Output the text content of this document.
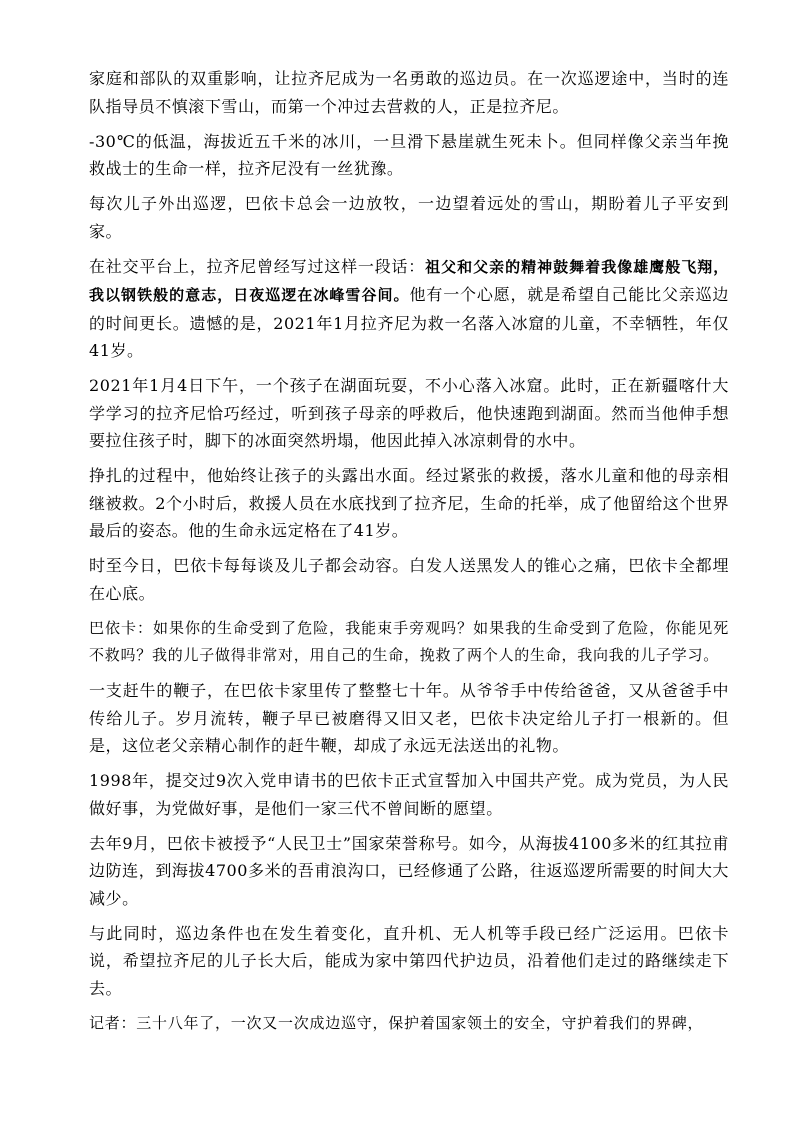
家庭和部队的双重影响，让拉齐尼成为一名勇敢的巡边员。在一次巡逻途中，当时的连队指导员不慎滚下雪山，而第一个冲过去营救的人，正是拉齐尼。

-30℃的低温，海拔近五千米的冰川，一旦滑下悬崖就生死未卜。但同样像父亲当年挽救战士的生命一样，拉齐尼没有一丝犹豫。

每次儿子外出巡逻，巴依卡总会一边放牧，一边望着远处的雪山，期盼着儿子平安到家。

在社交平台上，拉齐尼曾经写过这样一段话：祖父和父亲的精神鼓舞着我像雄鹰般飞翔，我以钢铁般的意志，日夜巡逻在冰峰雪谷间。他有一个心愿，就是希望自己能比父亲巡边的时间更长。遗憾的是，2021年1月拉齐尼为救一名落入冰窟的儿童，不幸牺牲，年仅41岁。

2021年1月4日下午，一个孩子在湖面玩耍，不小心落入冰窟。此时，正在新疆喀什大学学习的拉齐尼恰巧经过，听到孩子母亲的呼救后，他快速跑到湖面。然而当他伸手想要拉住孩子时，脚下的冰面突然坍塌，他因此掉入冰凉刺骨的水中。

挣扎的过程中，他始终让孩子的头露出水面。经过紧张的救援，落水儿童和他的母亲相继被救。2个小时后，救援人员在水底找到了拉齐尼，生命的托举，成了他留给这个世界最后的姿态。他的生命永远定格在了41岁。

时至今日，巴依卡每每谈及儿子都会动容。白发人送黑发人的锥心之痛，巴依卡全都埋在心底。

巴依卡：如果你的生命受到了危险，我能束手旁观吗？如果我的生命受到了危险，你能见死不救吗？我的儿子做得非常对，用自己的生命，挽救了两个人的生命，我向我的儿子学习。

一支赶牛的鞭子，在巴依卡家里传了整整七十年。从爷爷手中传给爸爸，又从爸爸手中传给儿子。岁月流转，鞭子早已被磨得又旧又老，巴依卡决定给儿子打一根新的。但是，这位老父亲精心制作的赶牛鞭，却成了永远无法送出的礼物。

1998年，提交过9次入党申请书的巴依卡正式宣誓加入中国共产党。成为党员，为人民做好事，为党做好事，是他们一家三代不曾间断的愿望。

去年9月，巴依卡被授予“人民卫士”国家荣誉称号。如今，从海拔4100多米的红其拉甫边防连，到海拔4700多米的吾甫浪沟口，已经修通了公路，往返巡逻所需要的时间大大减少。

与此同时，巡边条件也在发生着变化，直升机、无人机等手段已经广泛运用。巴依卡说，希望拉齐尼的儿子长大后，能成为家中第四代护边员，沿着他们走过的路继续走下去。

记者：三十八年了，一次又一次成边巡守，保护着国家领土的安全，守护着我们的界碑，
